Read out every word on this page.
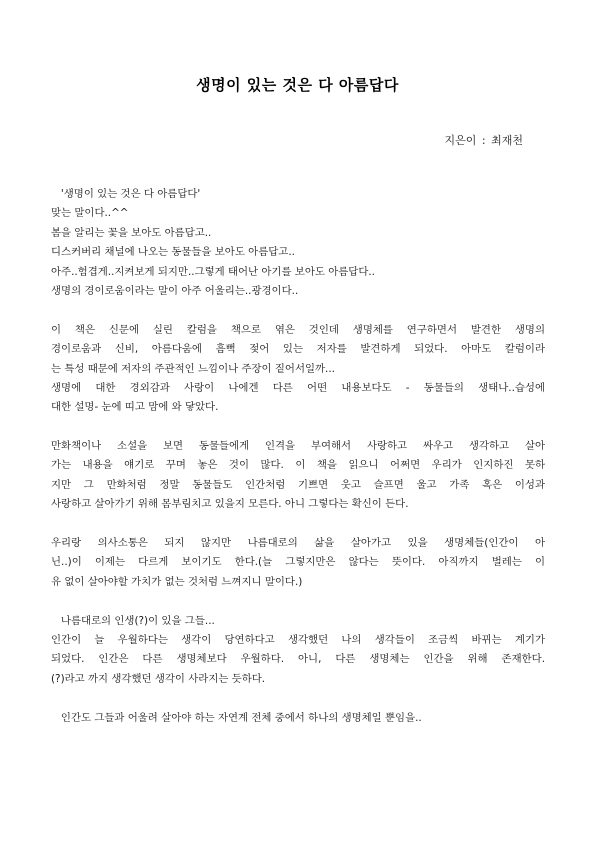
생명이 있는 것은 다 아름답다
지은이 : 최재천
'생명이 있는 것은 다 아름답다'
맞는 말이다..^^
봄을 알리는 꽃을 보아도 아름답고..
디스커버리 채널에 나오는 동물들을 보아도 아름답고..
아주..험겹게..지켜보게 되지만..그렇게 태어난 아기를 보아도 아름답다..
생명의 경이로움이라는 말이 아주 어울리는..광경이다..
이 책은 신문에 실린 칼럼을 책으로 엮은 것인데 생명체를 연구하면서 발견한 생명의
경이로움과 신비, 아름다움에 흠뻑 젖어 있는 저자를 발견하게 되었다. 아마도 칼럼이라
는 특성 때문에 저자의 주관적인 느낌이나 주장이 짙어서일까...
생명에 대한 경외감과 사랑이 나에겐 다른 어떤 내용보다도 - 동물들의 생태나..습성에
대한 설명- 눈에 띠고 맘에 와 닿았다.
만화책이나 소설을 보면 동물들에게 인격을 부여해서 사랑하고 싸우고 생각하고 살아
가는 내용을 얘기로 꾸며 놓은 것이 많다. 이 책을 읽으니 어쩌면 우리가 인지하진 못하
지만 그 만화처럼 정말 동물들도 인간처럼 기쁘면 웃고 슬프면 울고 가족 혹은 이성과
사랑하고 살아가기 위해 몸부림치고 있을지 모른다. 아니 그렇다는 확신이 든다.
우리랑 의사소통은 되지 않지만 나름대로의 삶을 살아가고 있을 생명체들(인간이 아
닌..)이 이제는 다르게 보이기도 한다.(늘 그렇지만은 않다는 뜻이다. 아직까지 벌레는 이
유 없이 살아야할 가치가 없는 것처럼 느껴지니 말이다.)
나름대로의 인생(?)이 있을 그들...
인간이 늘 우월하다는 생각이 당연하다고 생각했던 나의 생각들이 조금씩 바뀌는 계기가
되었다. 인간은 다른 생명체보다 우월하다. 아니, 다른 생명체는 인간을 위해 존재한다.
(?)라고 까지 생각했던 생각이 사라지는 듯하다.
인간도 그들과 어울려 살아야 하는 자연계 전체 중에서 하나의 생명체일 뿐임을..
